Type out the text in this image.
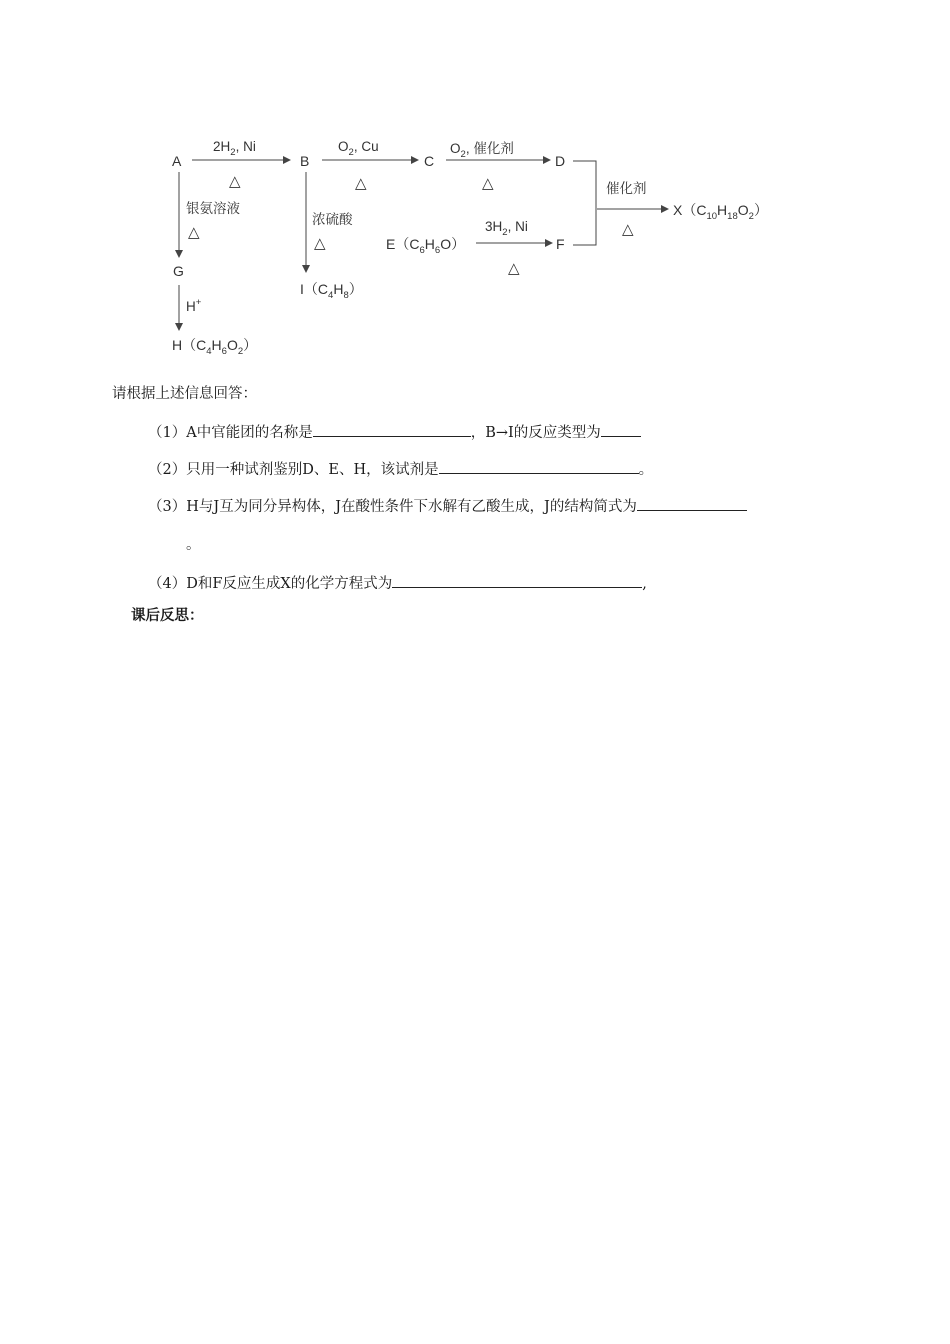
A	B	C	D
F
G
$E(C_6H_6O)$
$H(C_4H_6O_2)$
$I(C_4H_8)$
$X(C_{10}H_{18}O_2)$
$2H_2$, Ni
△
$O_2$, Cu
△
$O_2$, 催化剂
△	催化剂
△
$3H_2$, Ni
△
银氨溶液
△
浓硫酸
△
H+
请根据上述信息回答：
（1）A中官能团的名称是	，B→I的反应类型为
（2）只用一种试剂鉴别D、E、H，该试剂是	。
（3）H与J互为同分异构体，J在酸性条件下水解有乙酸生成，J的结构简式为
。
（4）D和F反应生成X的化学方程式为	,
课后反思：
